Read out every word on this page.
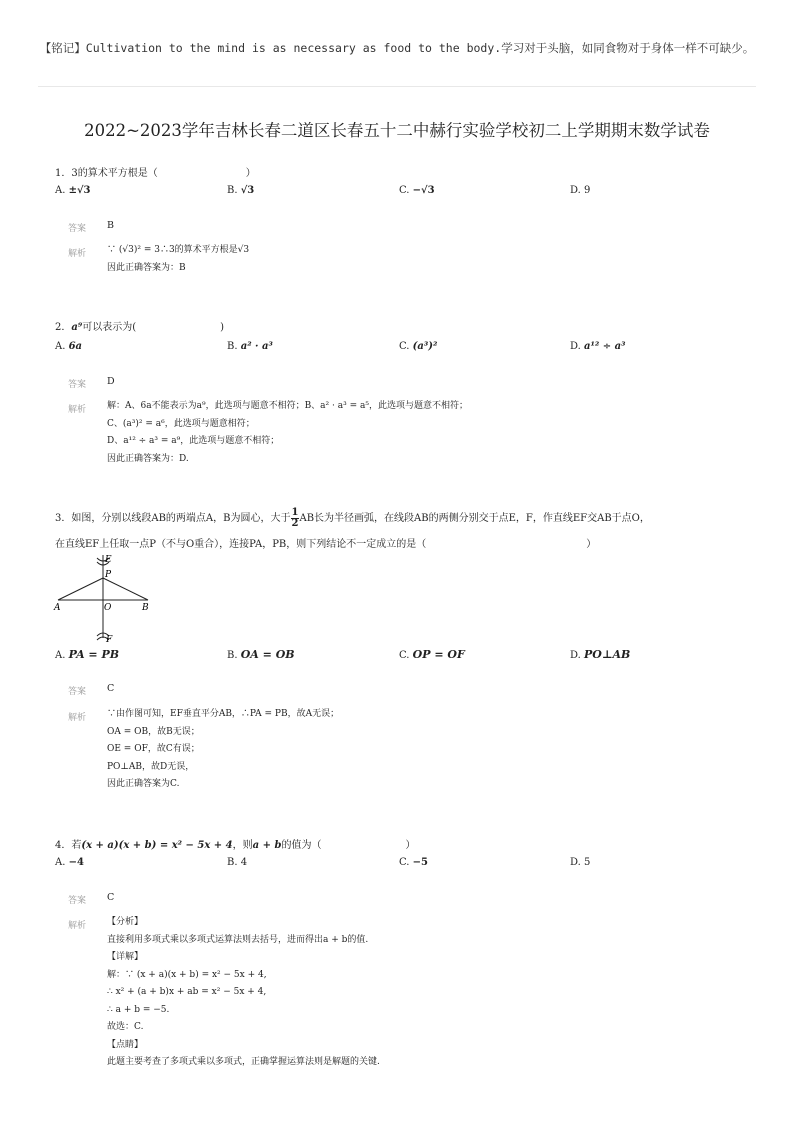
【铭记】Cultivation to the mind is as necessary as food to the body.学习对于头脑，如同食物对于身体一样不可缺少。
2022~2023学年吉林长春二道区长春五十二中赫行实验学校初二上学期期末数学试卷
1．3的算术平方根是（	）
A. ±√3	B. √3	C. −√3	D. 9
答案 B
解析 ∵ (√3)² = 3∴3的算术平方根是√3
因此正确答案为：B
2．a⁹可以表示为(	)
A. 6a	B. a² · a³	C. (a³)²	D. a¹² ÷ a³
答案 D
解析 解：A、6a不能表示为a⁹，此选项与题意不相符；B、a² · a³ = a⁵，此选项与题意不相符；
C、(a³)² = a⁶，此选项与题意相符；
D、a¹² ÷ a³ = a⁹，此选项与题意不相符；
因此正确答案为：D.
3．如图，分别以线段AB的两端点A，B为圆心，大于 $\frac{1}{2}$ AB长为半径画弧，在线段AB的两侧分别交于点E，F，作直线EF交AB于点O，
在直线EF上任取一点P（不与O重合），连接PA，PB，则下列结论不一定成立的是（	）
E
P
A	O	B
F
A. PA = PB	B. OA = OB	C. OP = OF	D. PO⊥AB
答案 C
解析 ∵由作图可知，EF垂直平分AB，∴PA = PB，故A无误；
OA = OB，故B无误；
OE = OF，故C有误；
PO⊥AB，故D无误，
因此正确答案为C.
4．若(x + a)(x + b) = x² − 5x + 4，则a + b的值为（	）
A. −4	B. 4	C. −5	D. 5
答案 C
解析 【分析】
直接利用多项式乘以多项式运算法则去括号，进而得出a + b的值.
【详解】
解：∵ (x + a)(x + b) = x² − 5x + 4,
∴ x² + (a + b)x + ab = x² − 5x + 4,
∴ a + b = −5.
故选：C.
【点睛】
此题主要考查了多项式乘以多项式，正确掌握运算法则是解题的关键.
